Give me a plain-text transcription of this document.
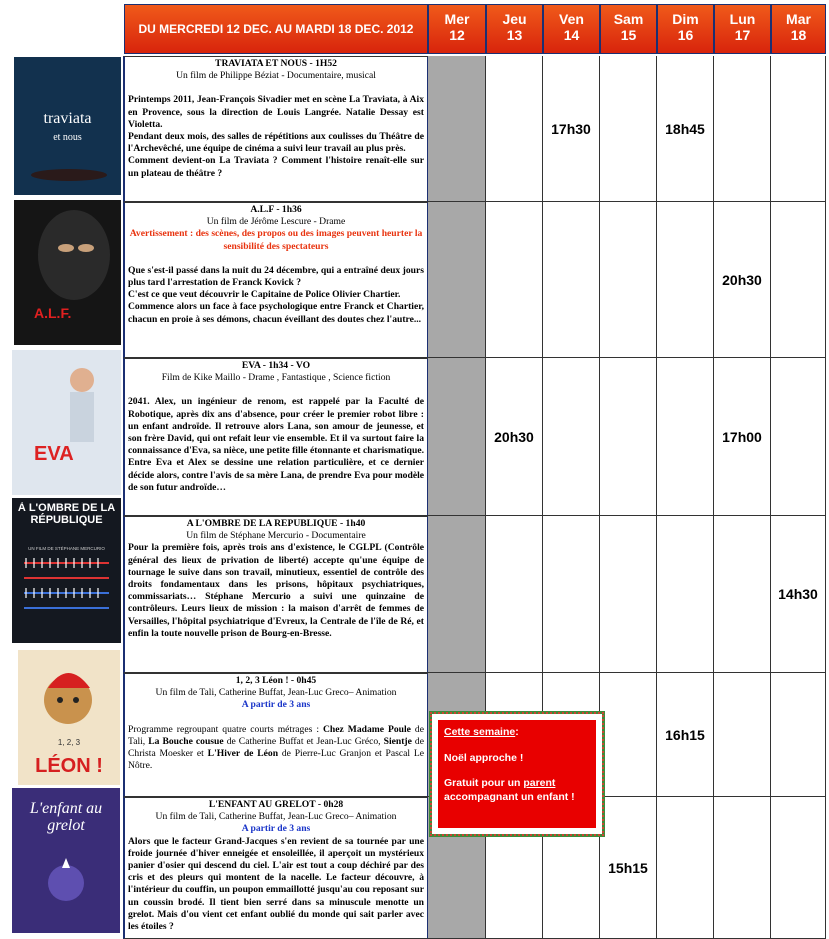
DU MERCREDI 12 DEC. AU MARDI 18 DEC. 2012
Mer
12
Jeu
13
Ven
14
Sam
15
Dim
16
Lun
17
Mar
18
traviata
et nous

TRAVIATA ET NOUS - 1H52

Un film de Philippe Béziat - Documentaire, musical

Printemps 2011, Jean-François Sivadier met en scène La Traviata, à Aix en Provence, sous la direction de Louis Langrée. Natalie Dessay est Violetta.
Pendant deux mois, des salles de répétitions aux coulisses du Théâtre de l'Archevêché, une équipe de cinéma a suivi leur travail au plus près.
Comment devient-on La Traviata ? Comment l'histoire renaît-elle sur un plateau de théâtre ?
17h30	18h45
A.L.F.

A.L.F - 1h36

Un film de Jérôme Lescure - Drame

Avertissement : des scènes, des propos ou des images peuvent heurter la sensibilité des spectateurs

Que s'est-il passé dans la nuit du 24 décembre, qui a entraîné deux jours plus tard l'arrestation de Franck Kovick ?
C'est ce que veut découvrir le Capitaine de Police Olivier Chartier.
Commence alors un face à face psychologique entre Franck et Chartier, chacun en proie à ses démons, chacun éveillant des doutes chez l'autre...
20h30
EVA

EVA - 1h34 - VO

Film de Kike Maillo - Drame , Fantastique , Science fiction

2041. Alex, un ingénieur de renom, est rappelé par la Faculté de Robotique, après dix ans d'absence, pour créer le premier robot libre : un enfant androïde. Il retrouve alors Lana, son amour de jeunesse, et son frère David, qui ont refait leur vie ensemble. Et il va surtout faire la connaissance d'Eva, sa nièce, une petite fille étonnante et charismatique. Entre Eva et Alex se dessine une relation particulière, et ce dernier décide alors, contre l'avis de sa mère Lana, de prendre Eva pour modèle de son futur androïde…
20h30	17h00
À L'OMBRE DE LA RÉPUBLIQUE
UN FILM DE STÉPHANE MERCURIO

A L'OMBRE DE LA REPUBLIQUE - 1h40

Un film de Stéphane Mercurio - Documentaire

Pour la première fois, après trois ans d'existence, le CGLPL (Contrôle général des lieux de privation de liberté) accepte qu'une équipe de tournage le suive dans son travail, minutieux, essentiel de contrôle des droits fondamentaux dans les prisons, hôpitaux psychiatriques, commissariats… Stéphane Mercurio a suivi une quinzaine de contrôleurs. Leurs lieux de mission : la maison d'arrêt de femmes de Versailles, l'hôpital psychiatrique d'Evreux, la Centrale de l'île de Ré, et enfin la toute nouvelle prison de Bourg-en-Bresse.
14h30
1, 2, 3
LÉON !

1, 2, 3 Léon ! - 0h45

Un film de Tali, Catherine Buffat, Jean-Luc Greco– Animation

A partir de 3 ans

Programme regroupant quatre courts métrages : Chez Madame Poule de Tali, La Bouche cousue de Catherine Buffat et Jean-Luc Gréco, Sientje de Christa Moesker et L'Hiver de Léon de Pierre-Luc Granjon et Pascal Le Nôtre.
16h15
L'enfant au grelot

L'ENFANT AU GRELOT - 0h28

Un film de Tali, Catherine Buffat, Jean-Luc Greco– Animation

A partir de 3 ans

Alors que le facteur Grand-Jacques s'en revient de sa tournée par une froide journée d'hiver enneigée et ensoleillée, il aperçoit un mystérieux panier d'osier qui descend du ciel. L'air est tout a coup déchiré par des cris et des pleurs qui montent de la nacelle. Le facteur découvre, à l'intérieur du couffin, un poupon emmaillotté jusqu'au cou reposant sur un coussin brodé. Il tient bien serré dans sa minuscule menotte un grelot. Mais d'ou vient cet enfant oublié du monde qui sait parler avec les étoiles ?
15h15

Cette semaine:

Noël approche !

Gratuit pour un parent accompagnant un enfant !
